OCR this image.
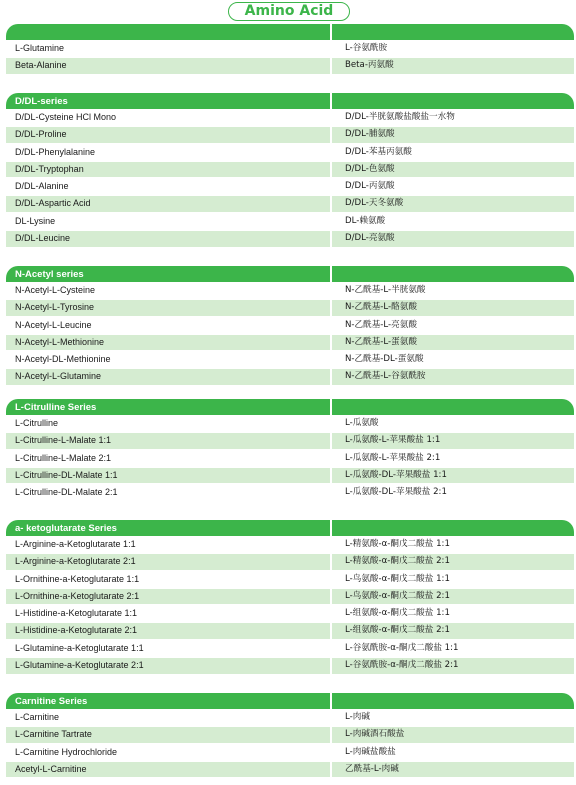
Amino Acid
L-Glutamine	L-谷氨酰胺
Beta-Alanine	Beta-丙氨酸
D/DL-series
D/DL-Cysteine HCl Mono	D/DL-半胱氨酸盐酸盐一水物
D/DL-Proline	D/DL-脯氨酸
D/DL-Phenylalanine	D/DL-苯基丙氨酸
D/DL-Tryptophan	D/DL-色氨酸
D/DL-Alanine	D/DL-丙氨酸
D/DL-Aspartic Acid	D/DL-天冬氨酸
DL-Lysine	DL-赖氨酸
D/DL-Leucine	D/DL-亮氨酸
N-Acetyl series
N-Acetyl-L-Cysteine	N-乙酰基-L-半胱氨酸
N-Acetyl-L-Tyrosine	N-乙酰基-L-酪氨酸
N-Acetyl-L-Leucine	N-乙酰基-L-亮氨酸
N-Acetyl-L-Methionine	N-乙酰基-L-蛋氨酸
N-Acetyl-DL-Methionine	N-乙酰基-DL-蛋氨酸
N-Acetyl-L-Glutamine	N-乙酰基-L-谷氨酰胺
L-Citrulline Series
L-Citrulline	L-瓜氨酸
L-Citrulline-L-Malate 1:1	L-瓜氨酸-L-苹果酸盐 1:1
L-Citrulline-L-Malate 2:1	L-瓜氨酸-L-苹果酸盐 2:1
L-Citrulline-DL-Malate 1:1	L-瓜氨酸-DL-苹果酸盐 1:1
L-Citrulline-DL-Malate 2:1	L-瓜氨酸-DL-苹果酸盐 2:1
a- ketoglutarate Series
L-Arginine-a-Ketoglutarate 1:1	L-精氨酸-α-酮戊二酸盐 1:1
L-Arginine-a-Ketoglutarate 2:1	L-精氨酸-α-酮戊二酸盐 2:1
L-Ornithine-a-Ketoglutarate 1:1	L-鸟氨酸-α-酮戊二酸盐 1:1
L-Ornithine-a-Ketoglutarate 2:1	L-鸟氨酸-α-酮戊二酸盐 2:1
L-Histidine-a-Ketoglutarate 1:1	L-组氨酸-α-酮戊二酸盐 1:1
L-Histidine-a-Ketoglutarate 2:1	L-组氨酸-α-酮戊二酸盐 2:1
L-Glutamine-a-Ketoglutarate 1:1	L-谷氨酰胺-α-酮戊二酸盐 1:1
L-Glutamine-a-Ketoglutarate 2:1	L-谷氨酰胺-α-酮戊二酸盐 2:1
Carnitine Series
L-Carnitine	L-肉碱
L-Carnitine Tartrate	L-肉碱酒石酸盐
L-Carnitine Hydrochloride	L-肉碱盐酸盐
Acetyl-L-Carnitine	乙酰基-L-肉碱
